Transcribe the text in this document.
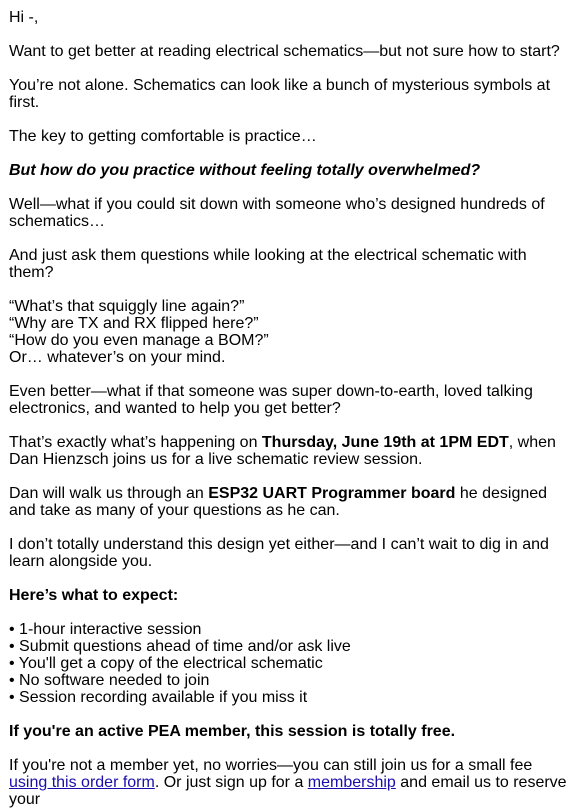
Hi -,

Want to get better at reading electrical schematics—but not sure how to start?

You’re not alone. Schematics can look like a bunch of mysterious symbols at first.

The key to getting comfortable is practice…

But how do you practice without feeling totally overwhelmed?

Well—what if you could sit down with someone who’s designed hundreds of schematics…

And just ask them questions while looking at the electrical schematic with them?

“What’s that squiggly line again?”
“Why are TX and RX flipped here?”
“How do you even manage a BOM?”
Or… whatever’s on your mind.

Even better—what if that someone was super down-to-earth, loved talking electronics, and wanted to help you get better?

That’s exactly what’s happening on Thursday, June 19th at 1PM EDT, when Dan Hienzsch joins us for a live schematic review session.

Dan will walk us through an ESP32 UART Programmer board he designed and take as many of your questions as he can.

I don’t totally understand this design yet either—and I can’t wait to dig in and learn alongside you.

Here’s what to expect:

• 1-hour interactive session
• Submit questions ahead of time and/or ask live
• You'll get a copy of the electrical schematic
• No software needed to join
• Session recording available if you miss it

If you're an active PEA member, this session is totally free.

If you're not a member yet, no worries—you can still join us for a small fee using this order form. Or just sign up for a membership and email us to reserve your
